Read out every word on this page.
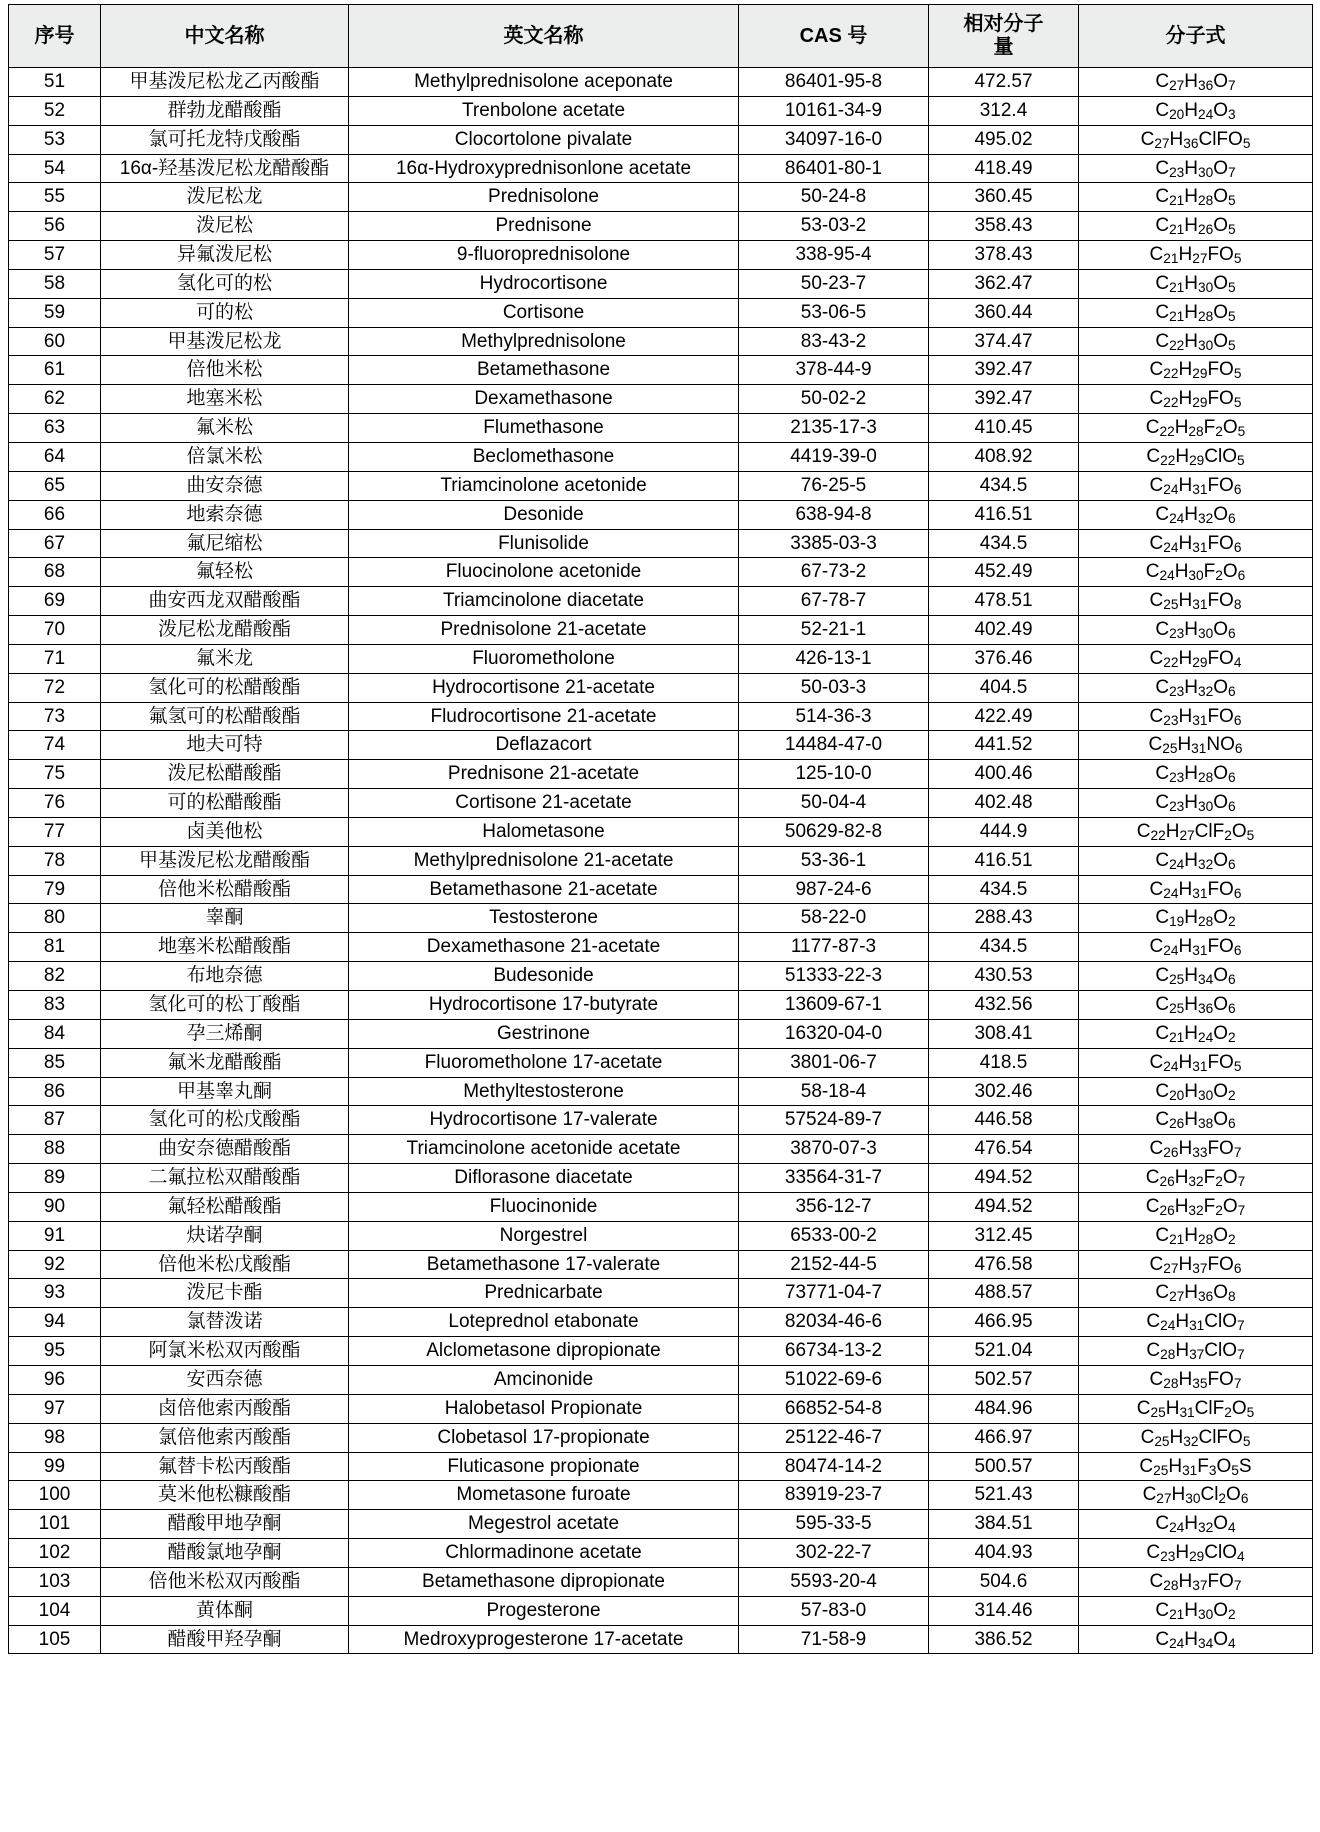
序号	中文名称	英文名称	CAS 号	相对分子
量	分子式
51	甲基泼尼松龙乙丙酸酯	Methylprednisolone aceponate	86401-95-8	472.57	$C_{27}H_{36}O_7$
52	群勃龙醋酸酯	Trenbolone acetate	10161-34-9	312.4	$C_{20}H_{24}O_3$
53	氯可托龙特戊酸酯	Clocortolone pivalate	34097-16-0	495.02	$C_{27}H_{36}ClFO_5$
54	16α-羟基泼尼松龙醋酸酯	16α-Hydroxyprednisonlone acetate	86401-80-1	418.49	$C_{23}H_{30}O_7$
55	泼尼松龙	Prednisolone	50-24-8	360.45	$C_{21}H_{28}O_5$
56	泼尼松	Prednisone	53-03-2	358.43	$C_{21}H_{26}O_5$
57	异氟泼尼松	9-fluoroprednisolone	338-95-4	378.43	$C_{21}H_{27}FO_5$
58	氢化可的松	Hydrocortisone	50-23-7	362.47	$C_{21}H_{30}O_5$
59	可的松	Cortisone	53-06-5	360.44	$C_{21}H_{28}O_5$
60	甲基泼尼松龙	Methylprednisolone	83-43-2	374.47	$C_{22}H_{30}O_5$
61	倍他米松	Betamethasone	378-44-9	392.47	$C_{22}H_{29}FO_5$
62	地塞米松	Dexamethasone	50-02-2	392.47	$C_{22}H_{29}FO_5$
63	氟米松	Flumethasone	2135-17-3	410.45	$C_{22}H_{28}F_2O_5$
64	倍氯米松	Beclomethasone	4419-39-0	408.92	$C_{22}H_{29}ClO_5$
65	曲安奈德	Triamcinolone acetonide	76-25-5	434.5	$C_{24}H_{31}FO_6$
66	地索奈德	Desonide	638-94-8	416.51	$C_{24}H_{32}O_6$
67	氟尼缩松	Flunisolide	3385-03-3	434.5	$C_{24}H_{31}FO_6$
68	氟轻松	Fluocinolone acetonide	67-73-2	452.49	$C_{24}H_{30}F_2O_6$
69	曲安西龙双醋酸酯	Triamcinolone diacetate	67-78-7	478.51	$C_{25}H_{31}FO_8$
70	泼尼松龙醋酸酯	Prednisolone 21-acetate	52-21-1	402.49	$C_{23}H_{30}O_6$
71	氟米龙	Fluorometholone	426-13-1	376.46	$C_{22}H_{29}FO_4$
72	氢化可的松醋酸酯	Hydrocortisone 21-acetate	50-03-3	404.5	$C_{23}H_{32}O_6$
73	氟氢可的松醋酸酯	Fludrocortisone 21-acetate	514-36-3	422.49	$C_{23}H_{31}FO_6$
74	地夫可特	Deflazacort	14484-47-0	441.52	$C_{25}H_{31}NO_6$
75	泼尼松醋酸酯	Prednisone 21-acetate	125-10-0	400.46	$C_{23}H_{28}O_6$
76	可的松醋酸酯	Cortisone 21-acetate	50-04-4	402.48	$C_{23}H_{30}O_6$
77	卤美他松	Halometasone	50629-82-8	444.9	$C_{22}H_{27}ClF_2O_5$
78	甲基泼尼松龙醋酸酯	Methylprednisolone 21-acetate	53-36-1	416.51	$C_{24}H_{32}O_6$
79	倍他米松醋酸酯	Betamethasone 21-acetate	987-24-6	434.5	$C_{24}H_{31}FO_6$
80	睾酮	Testosterone	58-22-0	288.43	$C_{19}H_{28}O_2$
81	地塞米松醋酸酯	Dexamethasone 21-acetate	1177-87-3	434.5	$C_{24}H_{31}FO_6$
82	布地奈德	Budesonide	51333-22-3	430.53	$C_{25}H_{34}O_6$
83	氢化可的松丁酸酯	Hydrocortisone 17-butyrate	13609-67-1	432.56	$C_{25}H_{36}O_6$
84	孕三烯酮	Gestrinone	16320-04-0	308.41	$C_{21}H_{24}O_2$
85	氟米龙醋酸酯	Fluorometholone 17-acetate	3801-06-7	418.5	$C_{24}H_{31}FO_5$
86	甲基睾丸酮	Methyltestosterone	58-18-4	302.46	$C_{20}H_{30}O_2$
87	氢化可的松戊酸酯	Hydrocortisone 17-valerate	57524-89-7	446.58	$C_{26}H_{38}O_6$
88	曲安奈德醋酸酯	Triamcinolone acetonide acetate	3870-07-3	476.54	$C_{26}H_{33}FO_7$
89	二氟拉松双醋酸酯	Diflorasone diacetate	33564-31-7	494.52	$C_{26}H_{32}F_2O_7$
90	氟轻松醋酸酯	Fluocinonide	356-12-7	494.52	$C_{26}H_{32}F_2O_7$
91	炔诺孕酮	Norgestrel	6533-00-2	312.45	$C_{21}H_{28}O_2$
92	倍他米松戊酸酯	Betamethasone 17-valerate	2152-44-5	476.58	$C_{27}H_{37}FO_6$
93	泼尼卡酯	Prednicarbate	73771-04-7	488.57	$C_{27}H_{36}O_8$
94	氯替泼诺	Loteprednol etabonate	82034-46-6	466.95	$C_{24}H_{31}ClO_7$
95	阿氯米松双丙酸酯	Alclometasone dipropionate	66734-13-2	521.04	$C_{28}H_{37}ClO_7$
96	安西奈德	Amcinonide	51022-69-6	502.57	$C_{28}H_{35}FO_7$
97	卤倍他索丙酸酯	Halobetasol Propionate	66852-54-8	484.96	$C_{25}H_{31}ClF_2O_5$
98	氯倍他索丙酸酯	Clobetasol 17-propionate	25122-46-7	466.97	$C_{25}H_{32}ClFO_5$
99	氟替卡松丙酸酯	Fluticasone propionate	80474-14-2	500.57	$C_{25}H_{31}F_3O_5S$
100	莫米他松糠酸酯	Mometasone furoate	83919-23-7	521.43	$C_{27}H_{30}Cl_2O_6$
101	醋酸甲地孕酮	Megestrol acetate	595-33-5	384.51	$C_{24}H_{32}O_4$
102	醋酸氯地孕酮	Chlormadinone acetate	302-22-7	404.93	$C_{23}H_{29}ClO_4$
103	倍他米松双丙酸酯	Betamethasone dipropionate	5593-20-4	504.6	$C_{28}H_{37}FO_7$
104	黄体酮	Progesterone	57-83-0	314.46	$C_{21}H_{30}O_2$
105	醋酸甲羟孕酮	Medroxyprogesterone 17-acetate	71-58-9	386.52	$C_{24}H_{34}O_4$
